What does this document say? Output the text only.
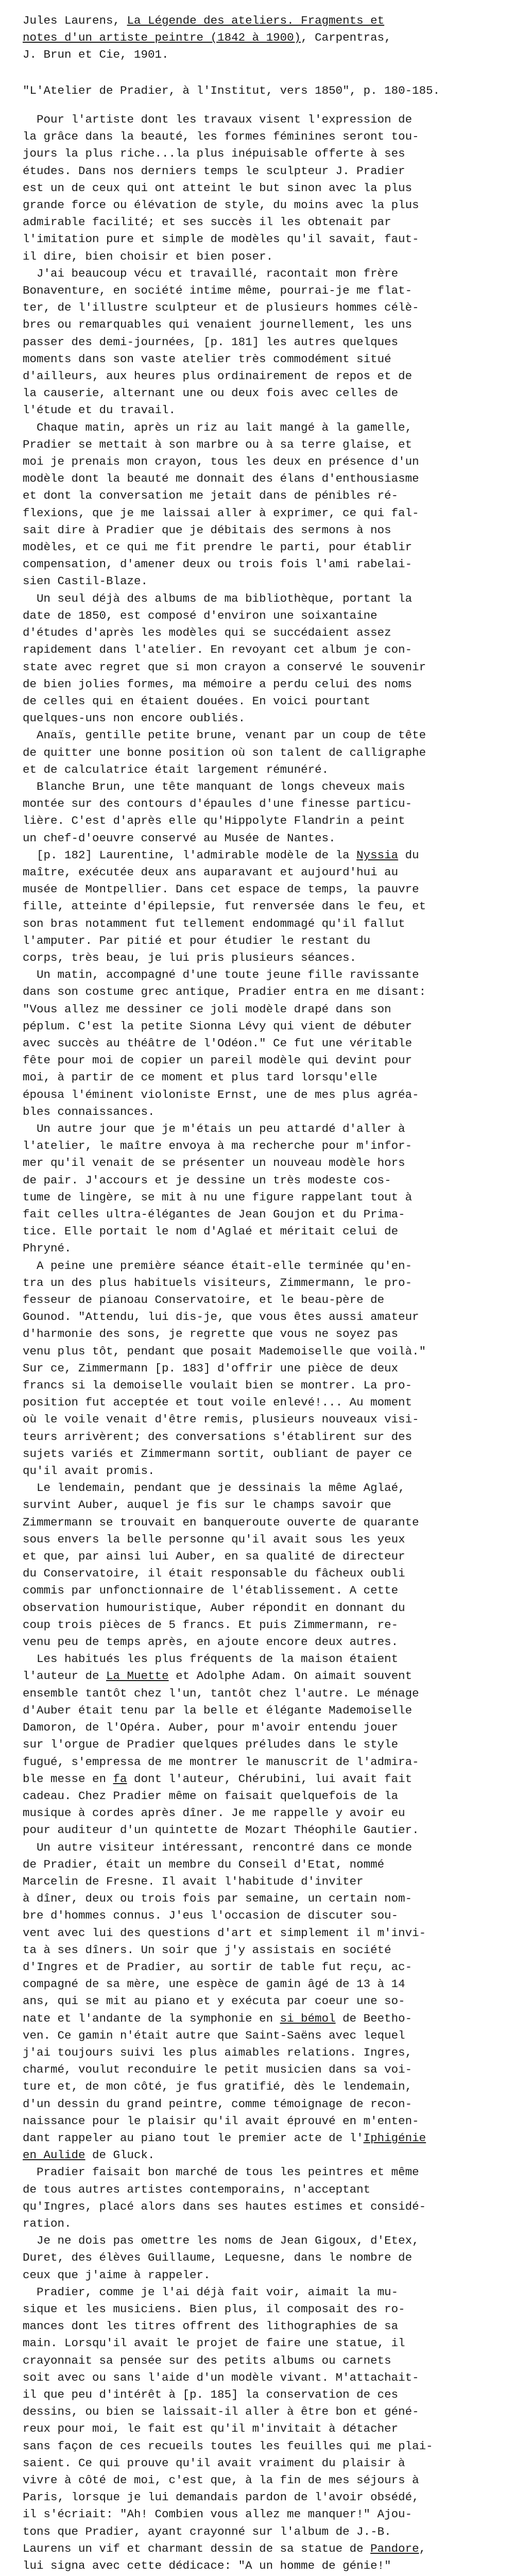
Jules Laurens, La Légende des ateliers. Fragments et

notes d'un artiste peintre (1842 à 1900), Carpentras,

J. Brun et Cie, 1901.

"L'Atelier de Pradier, à l'Institut, vers 1850", p. 180-185.

Pour l'artiste dont les travaux visent l'expression de

la grâce dans la beauté, les formes féminines seront tou-

jours la plus riche...la plus inépuisable offerte à ses

études. Dans nos derniers temps le sculpteur J. Pradier

est un de ceux qui ont atteint le but sinon avec la plus

grande force ou élévation de style, du moins avec la plus

admirable facilité; et ses succès il les obtenait par

l'imitation pure et simple de modèles qu'il savait, faut-

il dire, bien choisir et bien poser.

J'ai beaucoup vécu et travaillé, racontait mon frère

Bonaventure, en société intime même, pourrai-je me flat-

ter, de l'illustre sculpteur et de plusieurs hommes célè-

bres ou remarquables qui venaient journellement, les uns

passer des demi-journées, [p. 181] les autres quelques

moments dans son vaste atelier très commodément situé

d'ailleurs, aux heures plus ordinairement de repos et de

la causerie, alternant une ou deux fois avec celles de

l'étude et du travail.

Chaque matin, après un riz au lait mangé à la gamelle,

Pradier se mettait à son marbre ou à sa terre glaise, et

moi je prenais mon crayon, tous les deux en présence d'un

modèle dont la beauté me donnait des élans d'enthousiasme

et dont la conversation me jetait dans de pénibles ré-

flexions, que je me laissai aller à exprimer, ce qui fal-

sait dire à Pradier que je débitais des sermons à nos

modèles, et ce qui me fit prendre le parti, pour établir

compensation, d'amener deux ou trois fois l'ami rabelai-

sien Castil-Blaze.

Un seul déjà des albums de ma bibliothèque, portant la

date de 1850, est composé d'environ une soixantaine

d'études d'après les modèles qui se succédaient assez

rapidement dans l'atelier. En revoyant cet album je con-

state avec regret que si mon crayon a conservé le souvenir

de bien jolies formes, ma mémoire a perdu celui des noms

de celles qui en étaient douées. En voici pourtant

quelques-uns non encore oubliés.

Anaïs, gentille petite brune, venant par un coup de tête

de quitter une bonne position où son talent de calligraphe

et de calculatrice était largement rémunéré.

Blanche Brun, une tête manquant de longs cheveux mais

montée sur des contours d'épaules d'une finesse particu-

lière. C'est d'après elle qu'Hippolyte Flandrin a peint

un chef-d'oeuvre conservé au Musée de Nantes.

[p. 182] Laurentine, l'admirable modèle de la Nyssia du

maître, exécutée deux ans auparavant et aujourd'hui au

musée de Montpellier. Dans cet espace de temps, la pauvre

fille, atteinte d'épilepsie, fut renversée dans le feu, et

son bras notamment fut tellement endommagé qu'il fallut

l'amputer. Par pitié et pour étudier le restant du

corps, très beau, je lui pris plusieurs séances.

Un matin, accompagné d'une toute jeune fille ravissante

dans son costume grec antique, Pradier entra en me disant:

"Vous allez me dessiner ce joli modèle drapé dans son

péplum. C'est la petite Sionna Lévy qui vient de débuter

avec succès au théâtre de l'Odéon." Ce fut une véritable

fête pour moi de copier un pareil modèle qui devint pour

moi, à partir de ce moment et plus tard lorsqu'elle

épousa l'éminent violoniste Ernst, une de mes plus agréa-

bles connaissances.

Un autre jour que je m'étais un peu attardé d'aller à

l'atelier, le maître envoya à ma recherche pour m'infor-

mer qu'il venait de se présenter un nouveau modèle hors

de pair. J'accours et je dessine un très modeste cos-

tume de lingère, se mit à nu une figure rappelant tout à

fait celles ultra-élégantes de Jean Goujon et du Prima-

tice. Elle portait le nom d'Aglaé et méritait celui de

Phryné.

A peine une première séance était-elle terminée qu'en-

tra un des plus habituels visiteurs, Zimmermann, le pro-

fesseur de pianoau Conservatoire, et le beau-père de

Gounod. "Attendu, lui dis-je, que vous êtes aussi amateur

d'harmonie des sons, je regrette que vous ne soyez pas

venu plus tôt, pendant que posait Mademoiselle que voilà."

Sur ce, Zimmermann [p. 183] d'offrir une pièce de deux

francs si la demoiselle voulait bien se montrer. La pro-

position fut acceptée et tout voile enlevé!... Au moment

où le voile venait d'être remis, plusieurs nouveaux visi-

teurs arrivèrent; des conversations s'établirent sur des

sujets variés et Zimmermann sortit, oubliant de payer ce

qu'il avait promis.

Le lendemain, pendant que je dessinais la même Aglaé,

survint Auber, auquel je fis sur le champs savoir que

Zimmermann se trouvait en banqueroute ouverte de quarante

sous envers la belle personne qu'il avait sous les yeux

et que, par ainsi lui Auber, en sa qualité de directeur

du Conservatoire, il était responsable du fâcheux oubli

commis par unfonctionnaire de l'établissement. A cette

observation humouristique, Auber répondit en donnant du

coup trois pièces de 5 francs. Et puis Zimmermann, re-

venu peu de temps après, en ajoute encore deux autres.

Les habitués les plus fréquents de la maison étaient

l'auteur de La Muette et Adolphe Adam. On aimait souvent

ensemble tantôt chez l'un, tantôt chez l'autre. Le ménage

d'Auber était tenu par la belle et élégante Mademoiselle

Damoron, de l'Opéra. Auber, pour m'avoir entendu jouer

sur l'orgue de Pradier quelques préludes dans le style

fugué, s'empressa de me montrer le manuscrit de l'admira-

ble messe en fa dont l'auteur, Chérubini, lui avait fait

cadeau. Chez Pradier même on faisait quelquefois de la

musique à cordes après dîner. Je me rappelle y avoir eu

pour auditeur d'un quintette de Mozart Théophile Gautier.

Un autre visiteur intéressant, rencontré dans ce monde

de Pradier, était un membre du Conseil d'Etat, nommé

Marcelin de Fresne. Il avait l'habitude d'inviter

à dîner, deux ou trois fois par semaine, un certain nom-

bre d'hommes connus. J'eus l'occasion de discuter sou-

vent avec lui des questions d'art et simplement il m'invi-

ta à ses dîners. Un soir que j'y assistais en société

d'Ingres et de Pradier, au sortir de table fut reçu, ac-

compagné de sa mère, une espèce de gamin âgé de 13 à 14

ans, qui se mit au piano et y exécuta par coeur une so-

nate et l'andante de la symphonie en si bémol de Beetho-

ven. Ce gamin n'était autre que Saint-Saëns avec lequel

j'ai toujours suivi les plus aimables relations. Ingres,

charmé, voulut reconduire le petit musicien dans sa voi-

ture et, de mon côté, je fus gratifié, dès le lendemain,

d'un dessin du grand peintre, comme témoignage de recon-

naissance pour le plaisir qu'il avait éprouvé en m'enten-

dant rappeler au piano tout le premier acte de l'Iphigénie

en Aulide de Gluck.

Pradier faisait bon marché de tous les peintres et même

de tous autres artistes contemporains, n'acceptant

qu'Ingres, placé alors dans ses hautes estimes et considé-

ration.

Je ne dois pas omettre les noms de Jean Gigoux, d'Etex,

Duret, des élèves Guillaume, Lequesne, dans le nombre de

ceux que j'aime à rappeler.

Pradier, comme je l'ai déjà fait voir, aimait la mu-

sique et les musiciens. Bien plus, il composait des ro-

mances dont les titres offrent des lithographies de sa

main. Lorsqu'il avait le projet de faire une statue, il

crayonnait sa pensée sur des petits albums ou carnets

soit avec ou sans l'aide d'un modèle vivant. M'attachait-

il que peu d'intérêt à [p. 185] la conservation de ces

dessins, ou bien se laissait-il aller à être bon et géné-

reux pour moi, le fait est qu'il m'invitait à détacher

sans façon de ces recueils toutes les feuilles qui me plai-

saient. Ce qui prouve qu'il avait vraiment du plaisir à

vivre à côté de moi, c'est que, à la fin de mes séjours à

Paris, lorsque je lui demandais pardon de l'avoir obsédé,

il s'écriait: "Ah! Combien vous allez me manquer!" Ajou-

tons que Pradier, ayant crayonné sur l'album de J.-B.

Laurens un vif et charmant dessin de sa statue de Pandore,

lui signa avec cette dédicace: "A un homme de génie!"
